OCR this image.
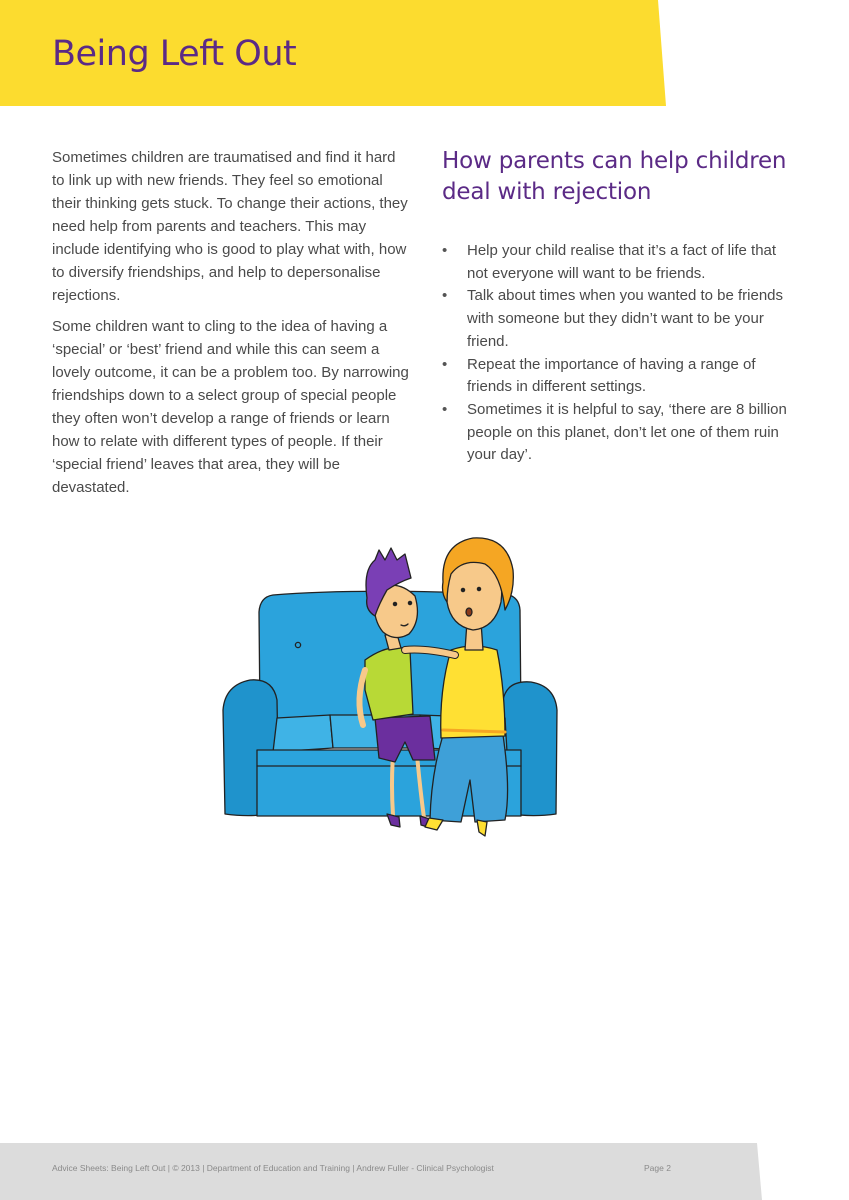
Being Left Out

Sometimes children are traumatised and find it hard to link up with new friends. They feel so emotional their thinking gets stuck. To change their actions, they need help from parents and teachers. This may include identifying who is good to play what with, how to diversify friendships, and help to depersonalise rejections.

Some children want to cling to the idea of having a ‘special’ or ‘best’ friend and while this can seem a lovely outcome, it can be a problem too. By narrowing friendships down to a select group of special people they often won’t develop a range of friends or learn how to relate with different types of people. If their ‘special friend’ leaves that area, they will be devastated.

How parents can help children deal with rejection
• Help your child realise that it’s a fact of life that not everyone will want to be friends.
• Talk about times when you wanted to be friends with someone but they didn’t want to be your friend.
• Repeat the importance of having a range of friends in different settings.
• Sometimes it is helpful to say, ‘there are 8 billion people on this planet, don’t let one of them ruin your day’.
Advice Sheets: Being Left Out | © 2013 | Department of Education and Training | Andrew Fuller - Clinical Psychologist	Page 2
